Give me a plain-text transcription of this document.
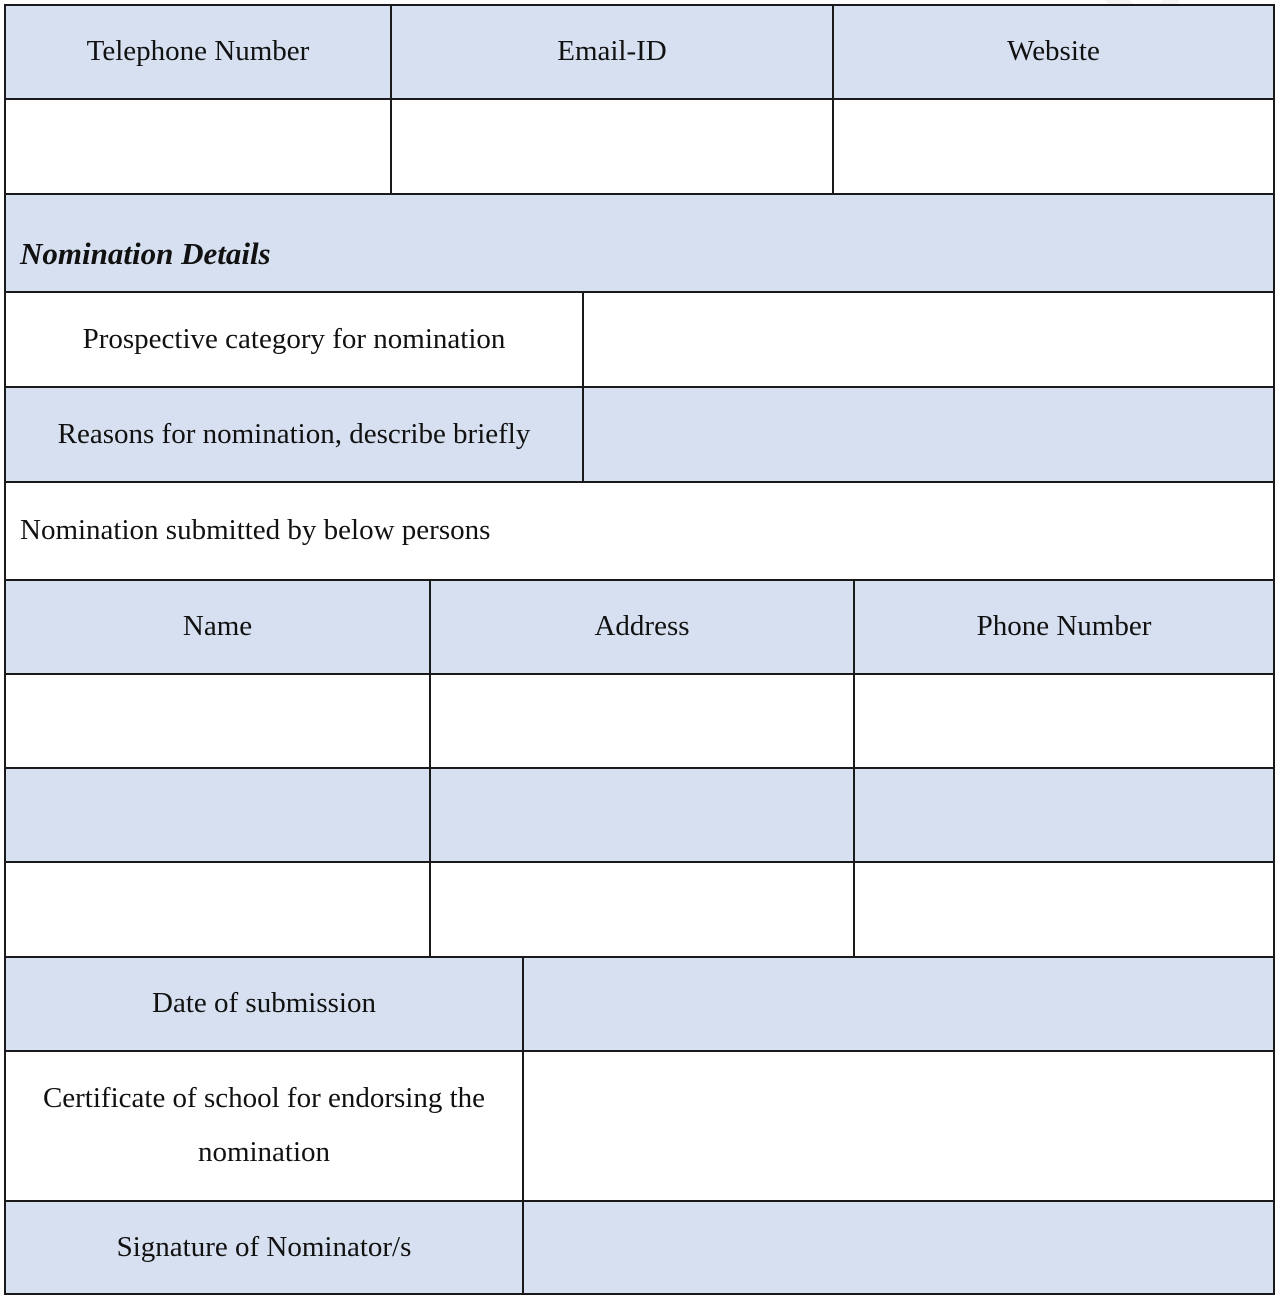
Telephone Number	Email-ID	Website
Nomination Details
Prospective category for nomination
Reasons for nomination, describe briefly
Nomination submitted by below persons
Name	Address	Phone Number
Date of submission
Certificate of school for endorsing the nomination
Signature of Nominator/s
